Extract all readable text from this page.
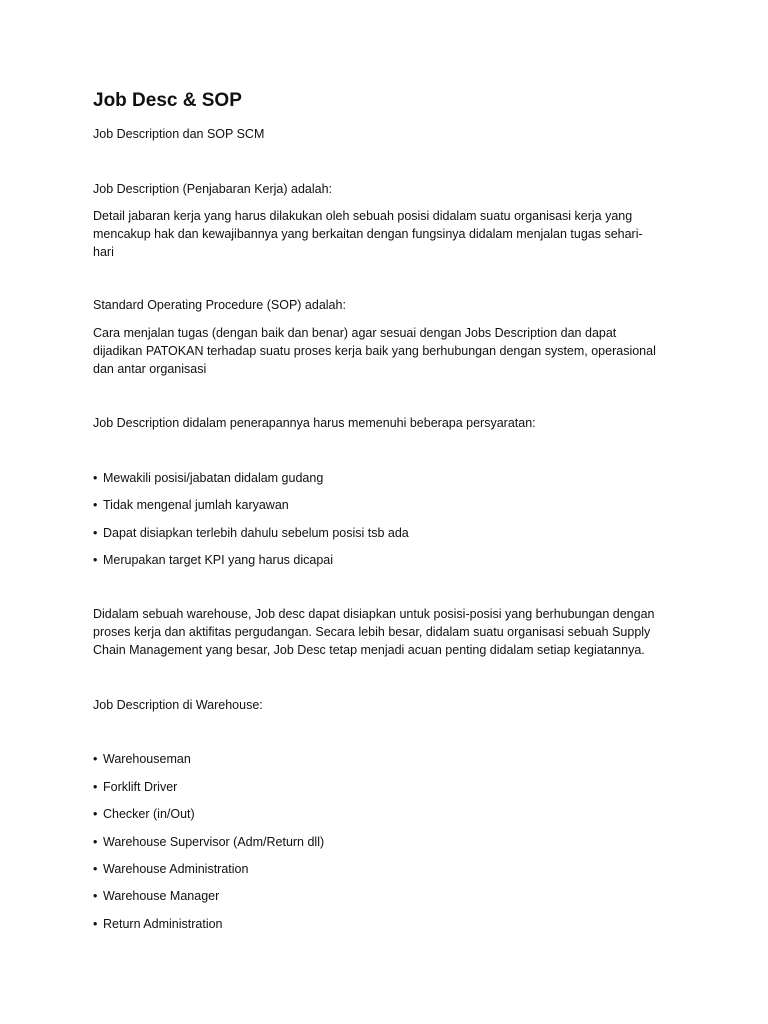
Job Desc & SOP

Job Description dan SOP SCM

Job Description (Penjabaran Kerja) adalah:

Detail jabaran kerja yang harus dilakukan oleh sebuah posisi didalam suatu organisasi kerja yang

mencakup hak dan kewajibannya yang berkaitan dengan fungsinya didalam menjalan tugas sehari-

hari

Standard Operating Procedure (SOP) adalah:

Cara menjalan tugas (dengan baik dan benar) agar sesuai dengan Jobs Description dan dapat

dijadikan PATOKAN terhadap suatu proses kerja baik yang berhubungan dengan system, operasional

dan antar organisasi

Job Description didalam penerapannya harus memenuhi beberapa persyaratan:

• Mewakili posisi/jabatan didalam gudang

• Tidak mengenal jumlah karyawan

• Dapat disiapkan terlebih dahulu sebelum posisi tsb ada

• Merupakan target KPI yang harus dicapai

Didalam sebuah warehouse, Job desc dapat disiapkan untuk posisi-posisi yang berhubungan dengan

proses kerja dan aktifitas pergudangan. Secara lebih besar, didalam suatu organisasi sebuah Supply

Chain Management yang besar, Job Desc tetap menjadi acuan penting didalam setiap kegiatannya.

Job Description di Warehouse:

• Warehouseman

• Forklift Driver

• Checker (in/Out)

• Warehouse Supervisor (Adm/Return dll)

• Warehouse Administration

• Warehouse Manager

• Return Administration
